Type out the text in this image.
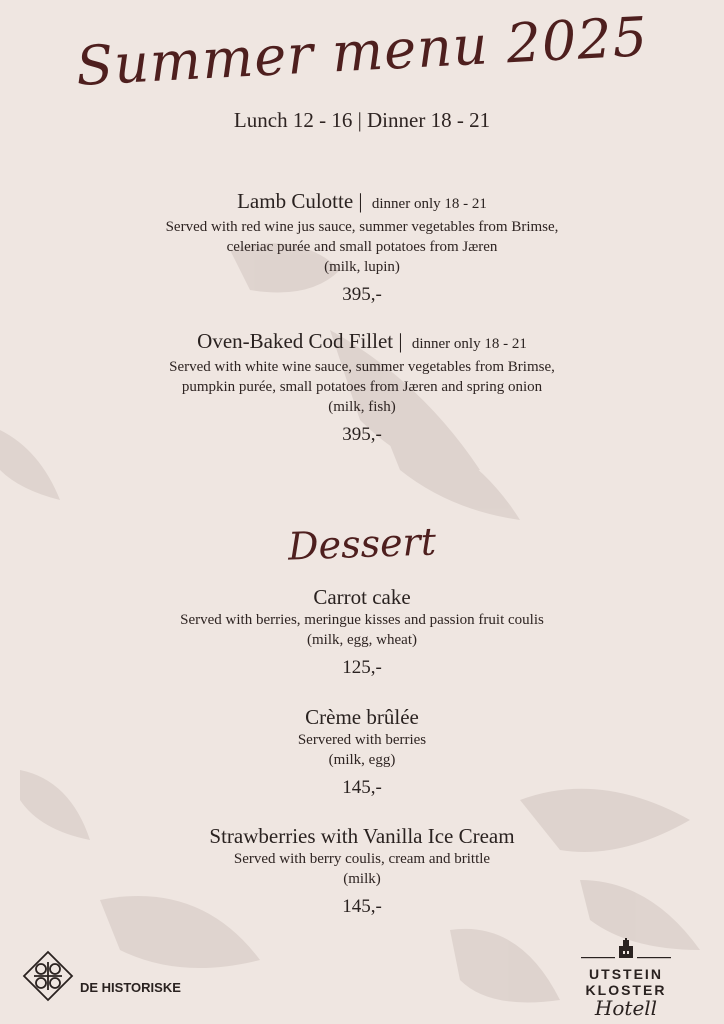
Summer menu 2025
Lunch 12 - 16 | Dinner 18 - 21
Lamb Culotte | dinner only 18 - 21
Served with red wine jus sauce, summer vegetables from Brimse,
celeriac purée and small potatoes from Jæren
(milk, lupin)
395,-
Oven-Baked Cod Fillet | dinner only 18 - 21
Served with white wine sauce, summer vegetables from Brimse,
pumpkin purée, small potatoes from Jæren and spring onion
(milk, fish)
395,-
Dessert
Carrot cake
Served with berries, meringue kisses and passion fruit coulis
(milk, egg, wheat)
125,-
Crème brûlée
Servered with berries
(milk, egg)
145,-
Strawberries with Vanilla Ice Cream
Served with berry coulis, cream and brittle
(milk)
145,-
DE HISTORISKE
UTSTEIN KLOSTER
Hotell
